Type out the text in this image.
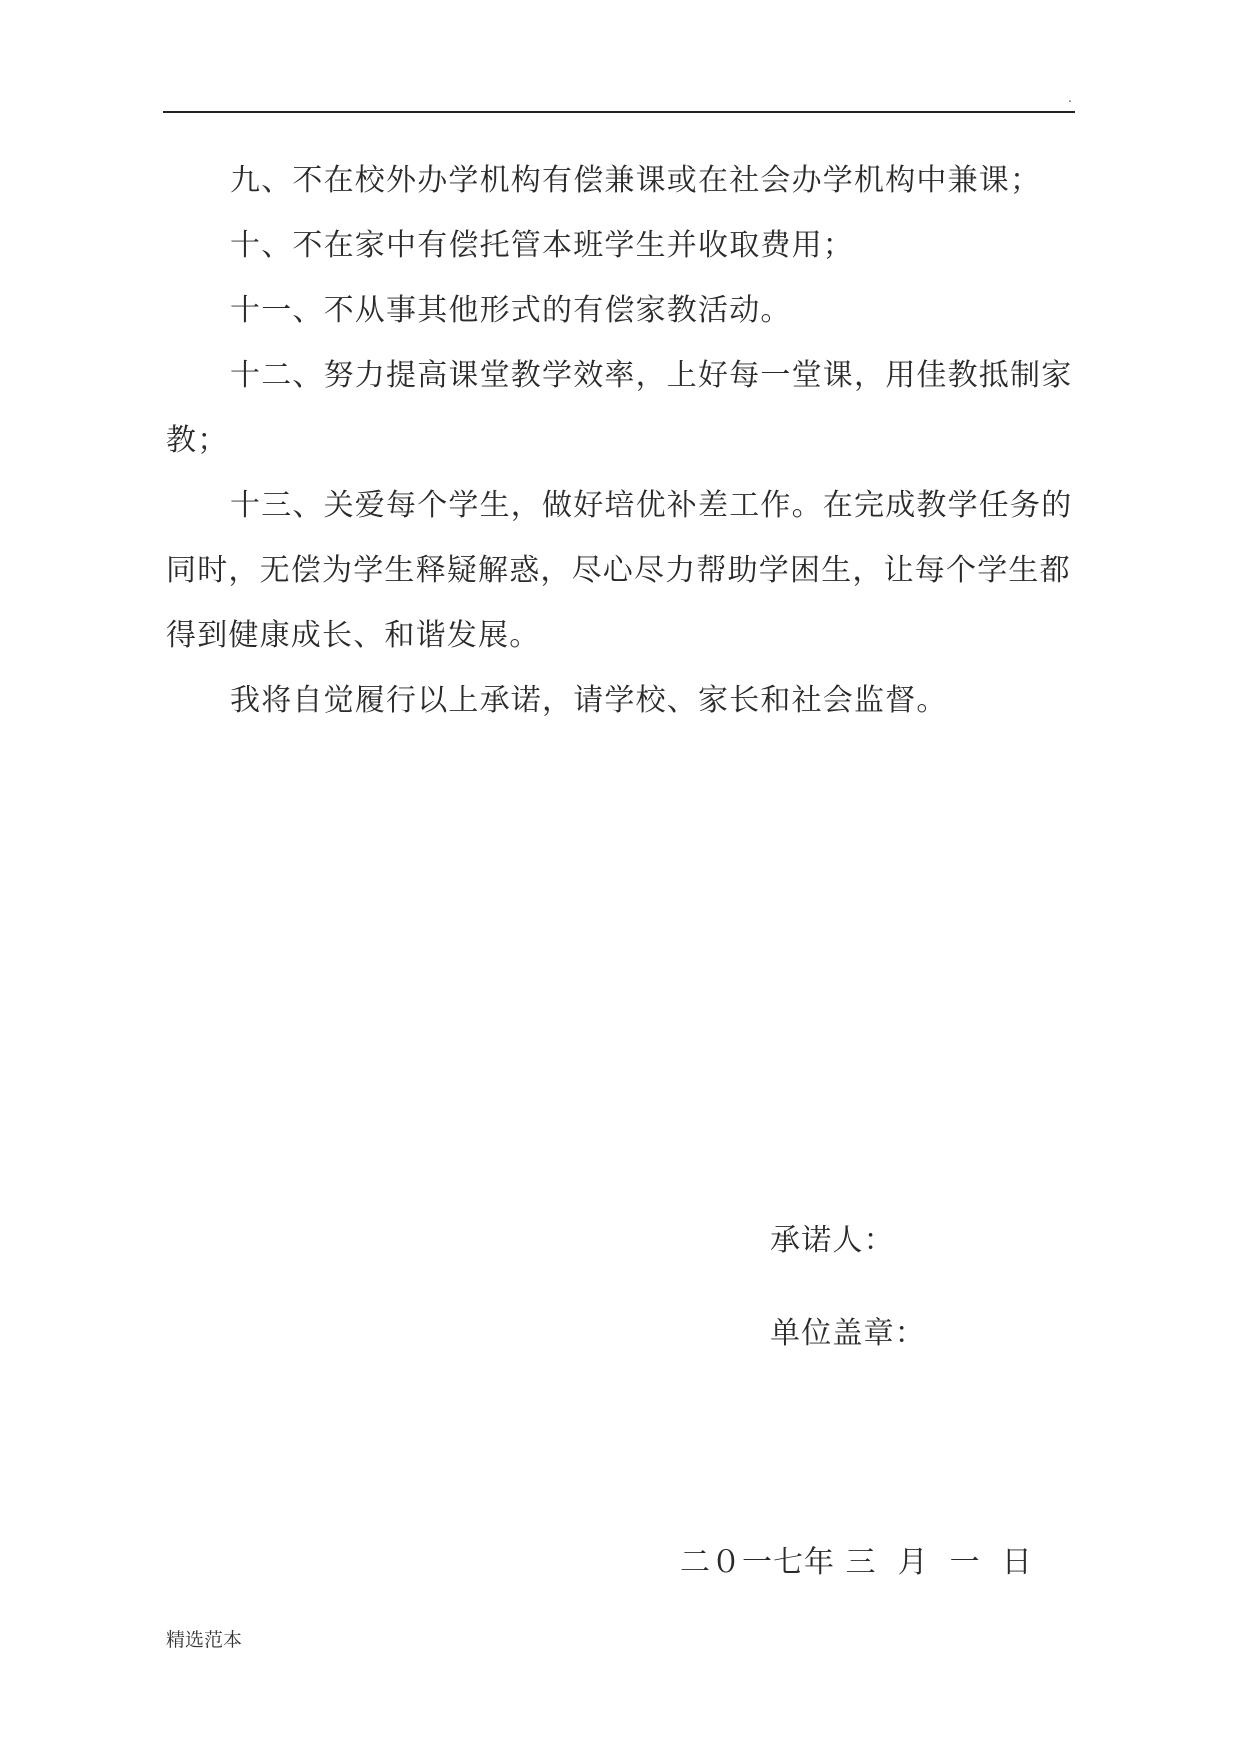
.

九、不在校外办学机构有偿兼课或在社会办学机构中兼课；

十、不在家中有偿托管本班学生并收取费用；

十一、不从事其他形式的有偿家教活动。

十二、努力提高课堂教学效率，上好每一堂课，用佳教抵制家教；

十三、关爱每个学生，做好培优补差工作。在完成教学任务的同时，无偿为学生释疑解惑，尽心尽力帮助学困生，让每个学生都得到健康成长、和谐发展。

我将自觉履行以上承诺，请学校、家长和社会监督。

承诺人：
单位盖章：
二０一七年 三  月  一  日
精选范本
